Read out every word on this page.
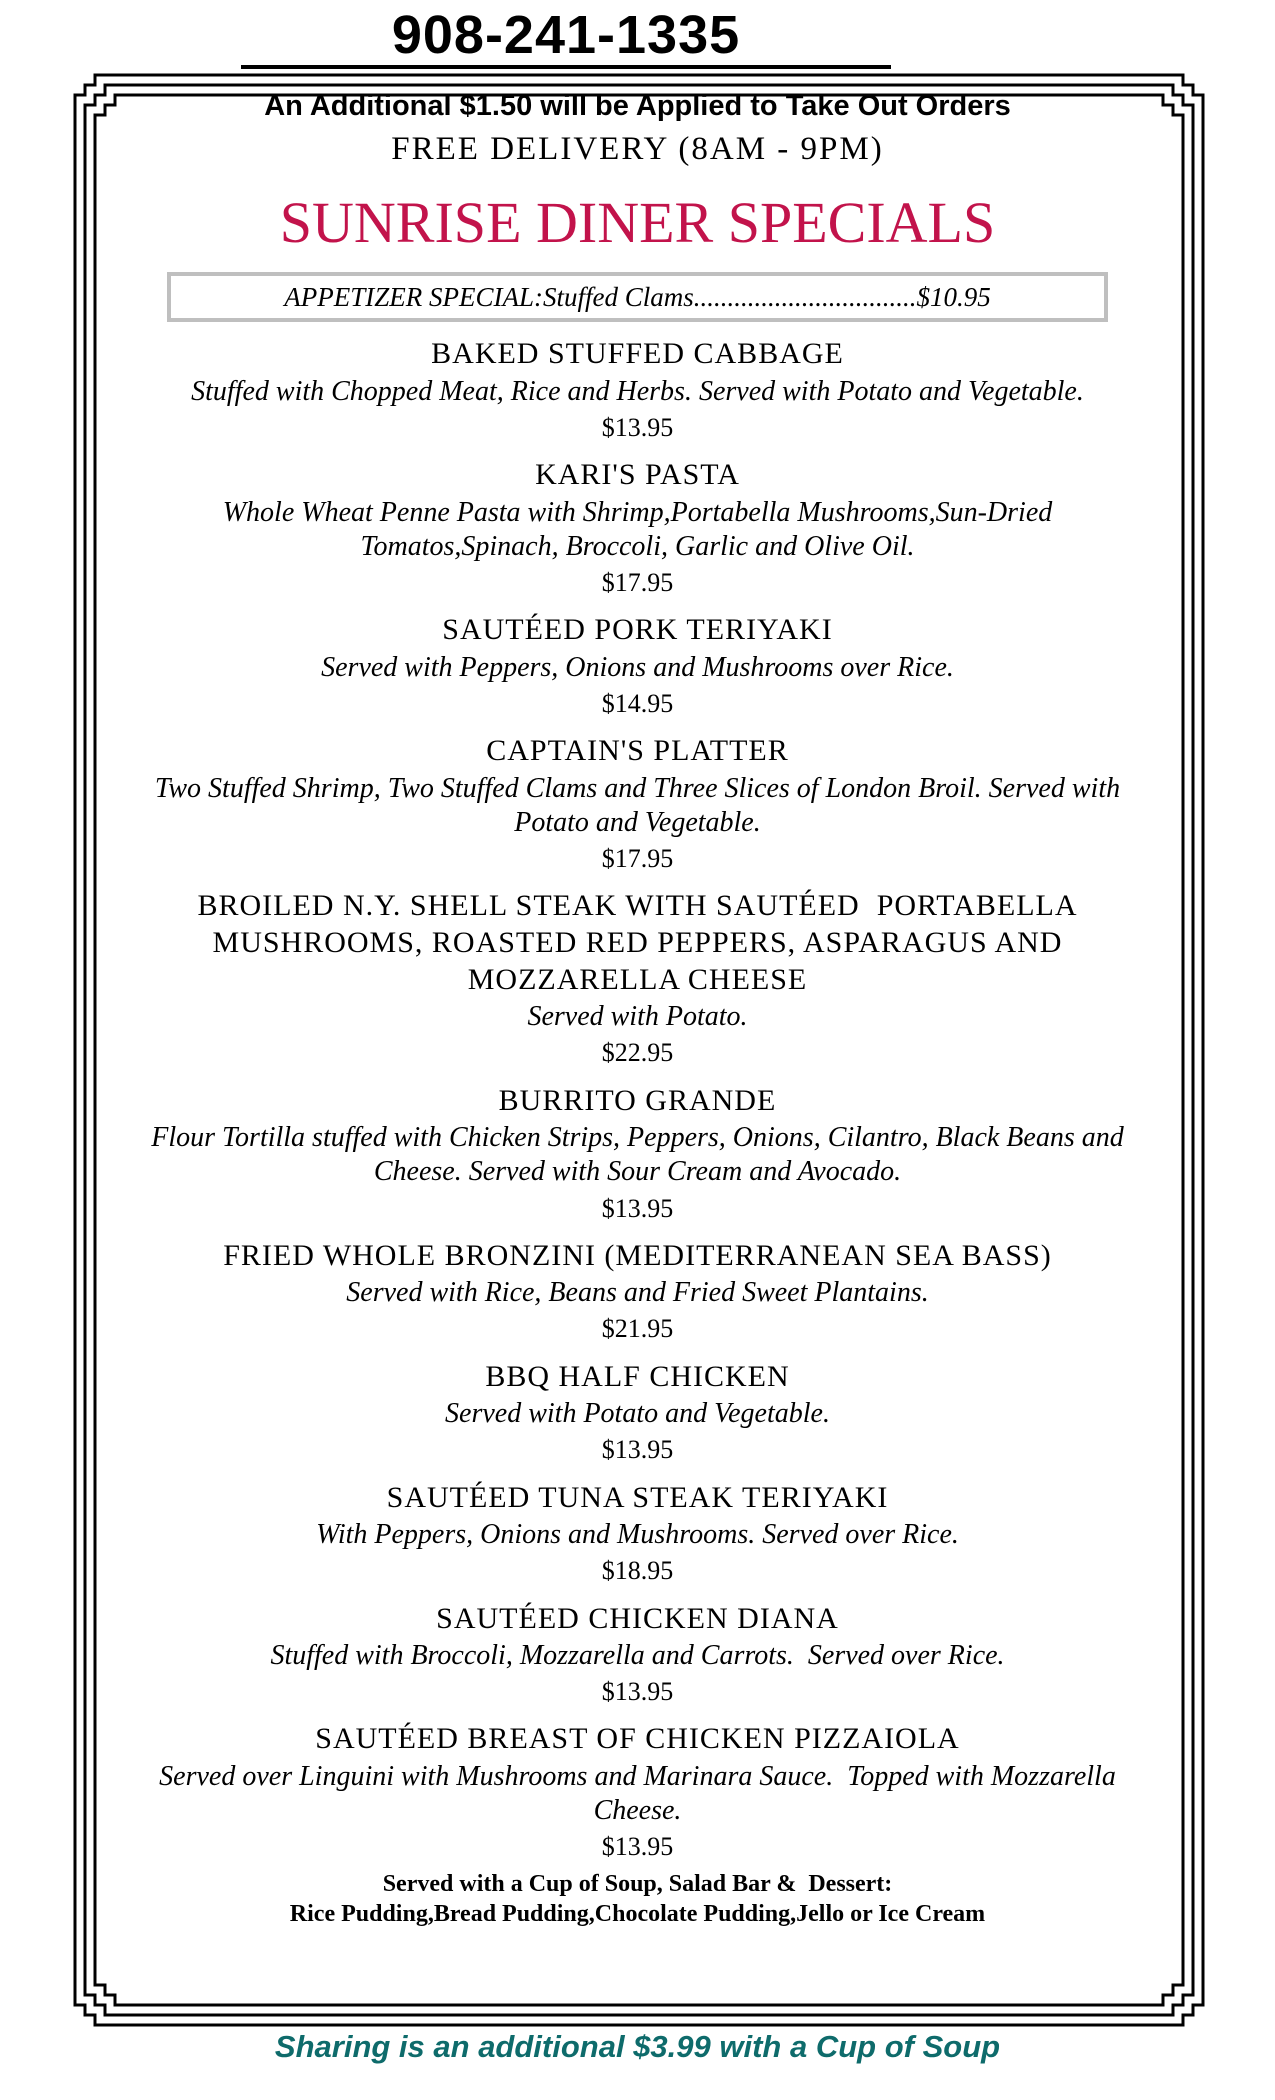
908-241-1335
An Additional $1.50 will be Applied to Take Out Orders
FREE DELIVERY (8AM - 9PM)
SUNRISE DINER SPECIALS
APPETIZER SPECIAL:Stuffed Clams.................................$10.95
BAKED STUFFED CABBAGE
Stuffed with Chopped Meat, Rice and Herbs. Served with Potato and Vegetable.
$13.95
KARI'S PASTA
Whole Wheat Penne Pasta with Shrimp,Portabella Mushrooms,Sun-Dried Tomatos,Spinach, Broccoli, Garlic and Olive Oil.
$17.95
SAUTÉED PORK TERIYAKI
Served with Peppers, Onions and Mushrooms over Rice.
$14.95
CAPTAIN'S PLATTER
Two Stuffed Shrimp, Two Stuffed Clams and Three Slices of London Broil. Served with Potato and Vegetable.
$17.95
BROILED N.Y. SHELL STEAK WITH SAUTÉED  PORTABELLA MUSHROOMS, ROASTED RED PEPPERS, ASPARAGUS AND MOZZARELLA CHEESE
Served with Potato.
$22.95
BURRITO GRANDE
Flour Tortilla stuffed with Chicken Strips, Peppers, Onions, Cilantro, Black Beans and Cheese. Served with Sour Cream and Avocado.
$13.95
FRIED WHOLE BRONZINI (MEDITERRANEAN SEA BASS)
Served with Rice, Beans and Fried Sweet Plantains.
$21.95
BBQ HALF CHICKEN
Served with Potato and Vegetable.
$13.95
SAUTÉED TUNA STEAK TERIYAKI
With Peppers, Onions and Mushrooms. Served over Rice.
$18.95
SAUTÉED CHICKEN DIANA
Stuffed with Broccoli, Mozzarella and Carrots.  Served over Rice.
$13.95
SAUTÉED BREAST OF CHICKEN PIZZAIOLA
Served over Linguini with Mushrooms and Marinara Sauce.  Topped with Mozzarella Cheese.
$13.95
Served with a Cup of Soup, Salad Bar &  Dessert:
Rice Pudding,Bread Pudding,Chocolate Pudding,Jello or Ice Cream
Sharing is an additional $3.99 with a Cup of Soup
